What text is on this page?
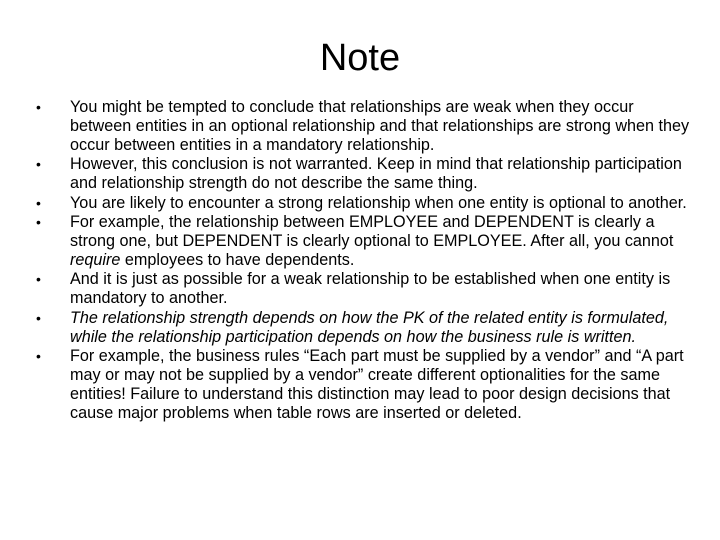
Note
•	You might be tempted to conclude that relationships are weak when they occur between entities in an optional relationship and that relationships are strong when they occur between entities in a mandatory relationship.
•	However, this conclusion is not warranted. Keep in mind that relationship participation and relationship strength do not describe the same thing.
•	You are likely to encounter a strong relationship when one entity is optional to another.
•	For example, the relationship between EMPLOYEE and DEPENDENT is clearly a strong one, but DEPENDENT is clearly optional to EMPLOYEE. After all, you cannot require employees to have dependents.
•	And it is just as possible for a weak relationship to be established when one entity is mandatory to another.
•	The relationship strength depends on how the PK of the related entity is formulated, while the relationship participation depends on how the business rule is written.
•	For example, the business rules “Each part must be supplied by a vendor” and “A part may or may not be supplied by a vendor” create different optionalities for the same entities! Failure to understand this distinction may lead to poor design decisions that cause major problems when table rows are inserted or deleted.
